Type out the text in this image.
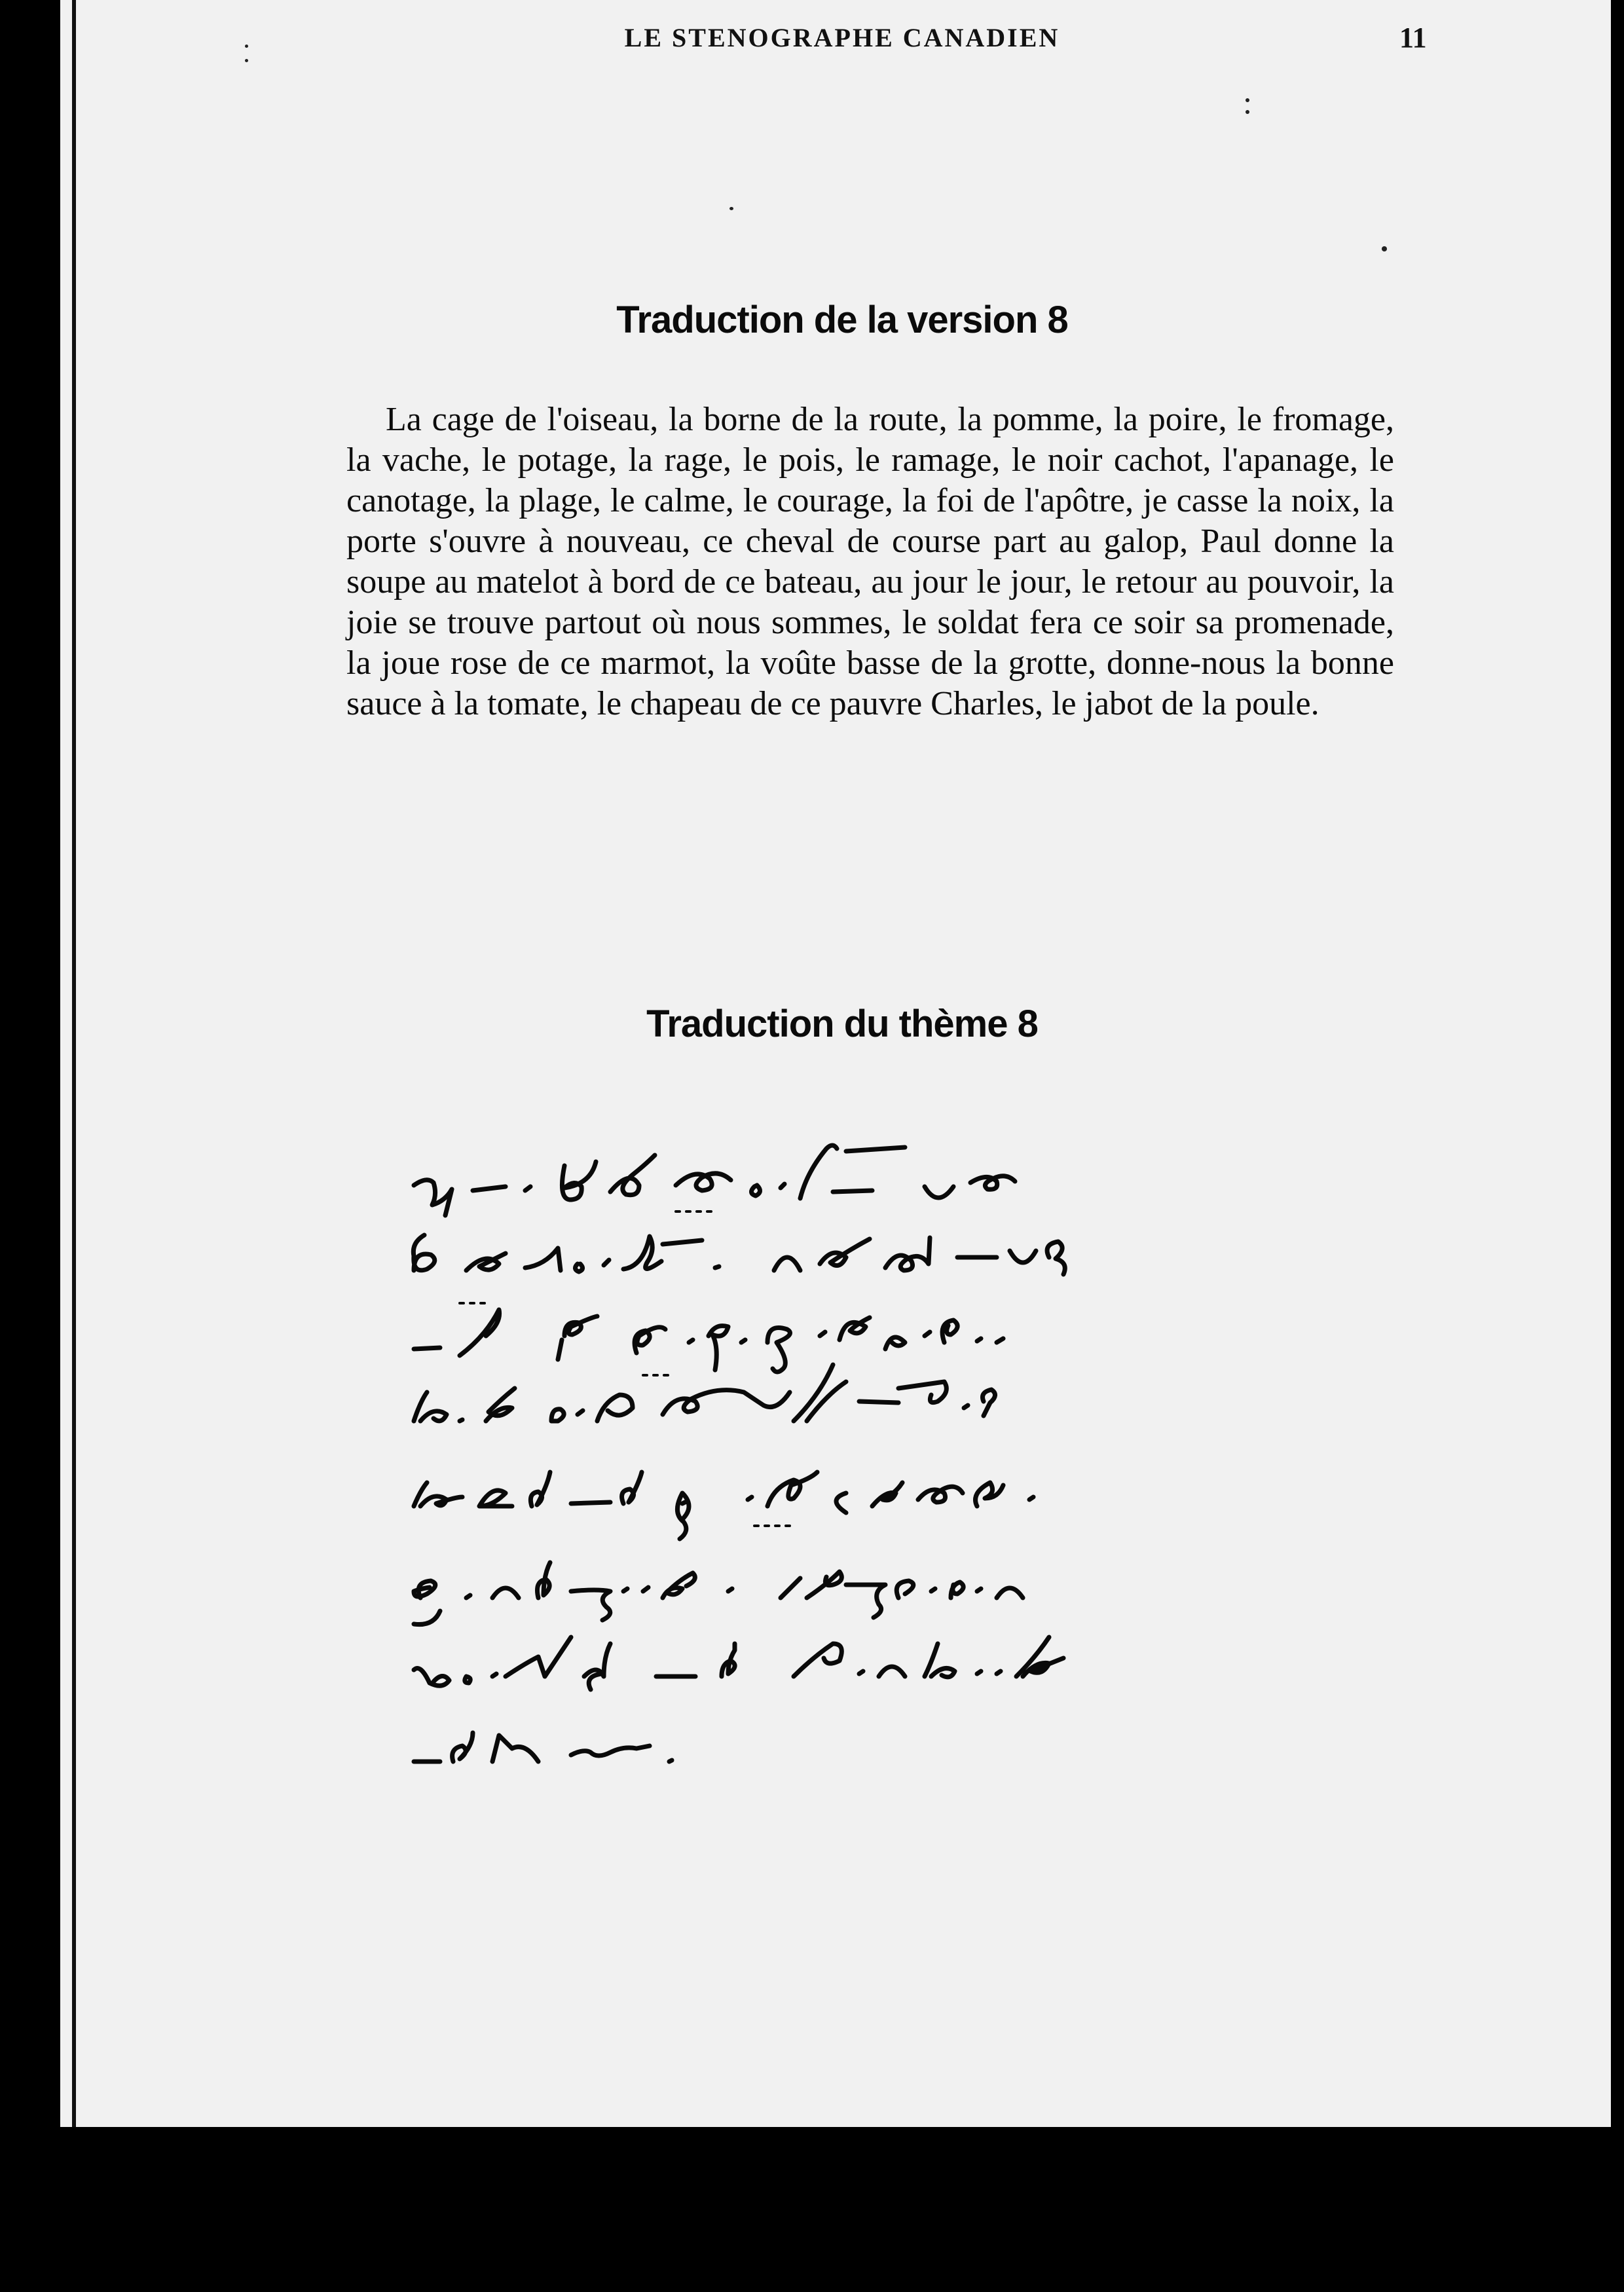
LE STENOGRAPHE CANADIEN	11
Traduction de la version 8

La cage de l'oiseau, la borne de la route, la pomme, la poire, le fromage, la vache, le potage, la rage, le pois, le ramage, le noir cachot, l'apanage, le canotage, la plage, le calme, le courage, la foi de l'apôtre, je casse la noix, la porte s'ouvre à nouveau, ce cheval de course part au galop, Paul donne la soupe au matelot à bord de ce bateau, au jour le jour, le retour au pouvoir, la joie se trouve partout où nous sommes, le soldat fera ce soir sa promenade, la joue rose de ce marmot, la voûte basse de la grotte, donne-nous la bonne sauce à la tomate, le chapeau de ce pauvre Charles, le jabot de la poule.

Traduction du thème 8
